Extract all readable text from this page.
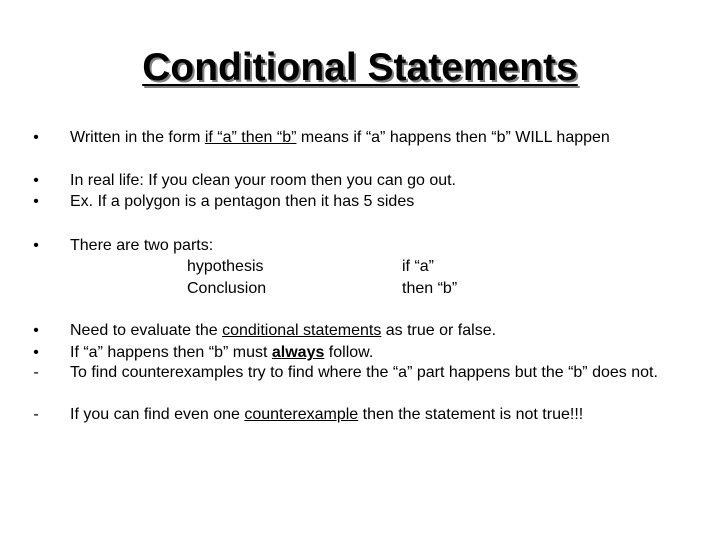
Conditional Statements
• Written in the form if “a” then “b” means if “a” happens then “b” WILL happen
• In real life: If you clean your room then you can go out.
• Ex. If a polygon is a pentagon then it has 5 sides
• There are two parts:
hypothesis	if “a”
Conclusion	then “b”
• Need to evaluate the conditional statements as true or false.
• If “a” happens then “b” must always follow.
- To find counterexamples try to find where the “a” part happens but the “b” does not.
- If you can find even one counterexample then the statement is not true!!!
